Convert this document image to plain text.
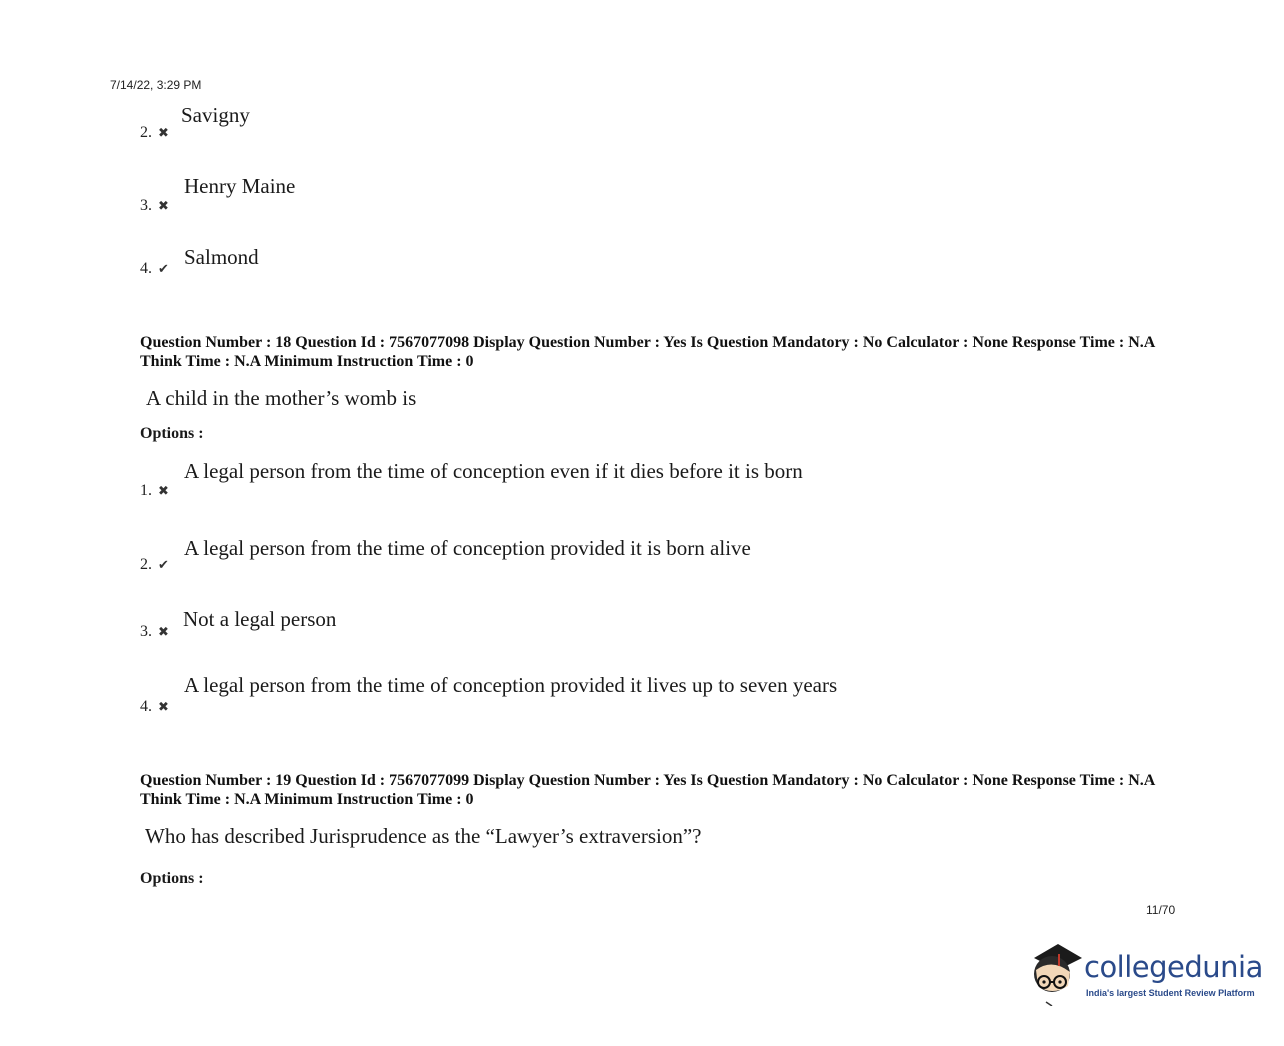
7/14/22, 3:29 PM
2. ✖
Savigny
3. ✖
Henry Maine
4. ✔ Salmond
Question Number : 18 Question Id : 7567077098 Display Question Number : Yes Is Question Mandatory : No Calculator : None Response Time : N.A Think Time : N.A Minimum Instruction Time : 0
A child in the mother’s womb is
Options :
1. ✖
A legal person from the time of conception even if it dies before it is born
2. ✔
A legal person from the time of conception provided it is born alive
3. ✖
Not a legal person
4. ✖
A legal person from the time of conception provided it lives up to seven years
Question Number : 19 Question Id : 7567077099 Display Question Number : Yes Is Question Mandatory : No Calculator : None Response Time : N.A Think Time : N.A Minimum Instruction Time : 0
Who has described Jurisprudence as the “Lawyer’s extraversion”?
Options :
11/70
collegedunia
India's largest Student Review Platform
